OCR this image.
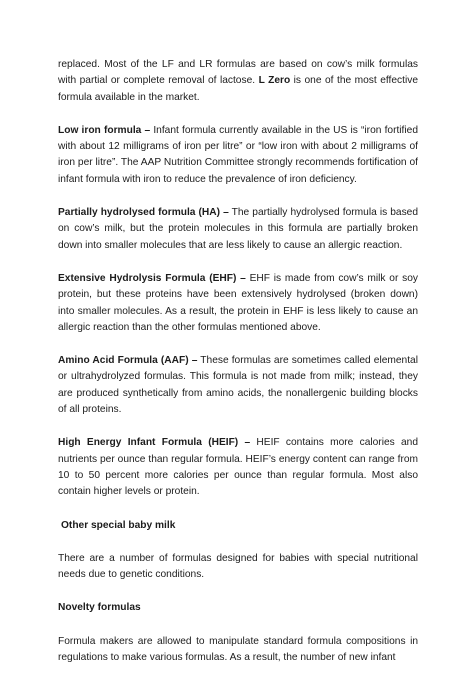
replaced. Most of the LF and LR formulas are based on cow’s milk formulas with partial or complete removal of lactose. L Zero is one of the most effective formula available in the market.

Low iron formula – Infant formula currently available in the US is “iron fortified with about 12 milligrams of iron per litre” or “low iron with about 2 milligrams of iron per litre”. The AAP Nutrition Committee strongly recommends fortification of infant formula with iron to reduce the prevalence of iron deficiency.

Partially hydrolysed formula (HA) – The partially hydrolysed formula is based on cow’s milk, but the protein molecules in this formula are partially broken down into smaller molecules that are less likely to cause an allergic reaction.

Extensive Hydrolysis Formula (EHF) – EHF is made from cow’s milk or soy protein, but these proteins have been extensively hydrolysed (broken down) into smaller molecules. As a result, the protein in EHF is less likely to cause an allergic reaction than the other formulas mentioned above.

Amino Acid Formula (AAF) – These formulas are sometimes called elemental or ultrahydrolyzed formulas. This formula is not made from milk; instead, they are produced synthetically from amino acids, the nonallergenic building blocks of all proteins.

High Energy Infant Formula (HEIF) – HEIF contains more calories and nutrients per ounce than regular formula. HEIF’s energy content can range from 10 to 50 percent more calories per ounce than regular formula. Most also contain higher levels or protein.

Other special baby milk

There are a number of formulas designed for babies with special nutritional needs due to genetic conditions.

Novelty formulas

Formula makers are allowed to manipulate standard formula compositions in regulations to make various formulas. As a result, the number of new infant
